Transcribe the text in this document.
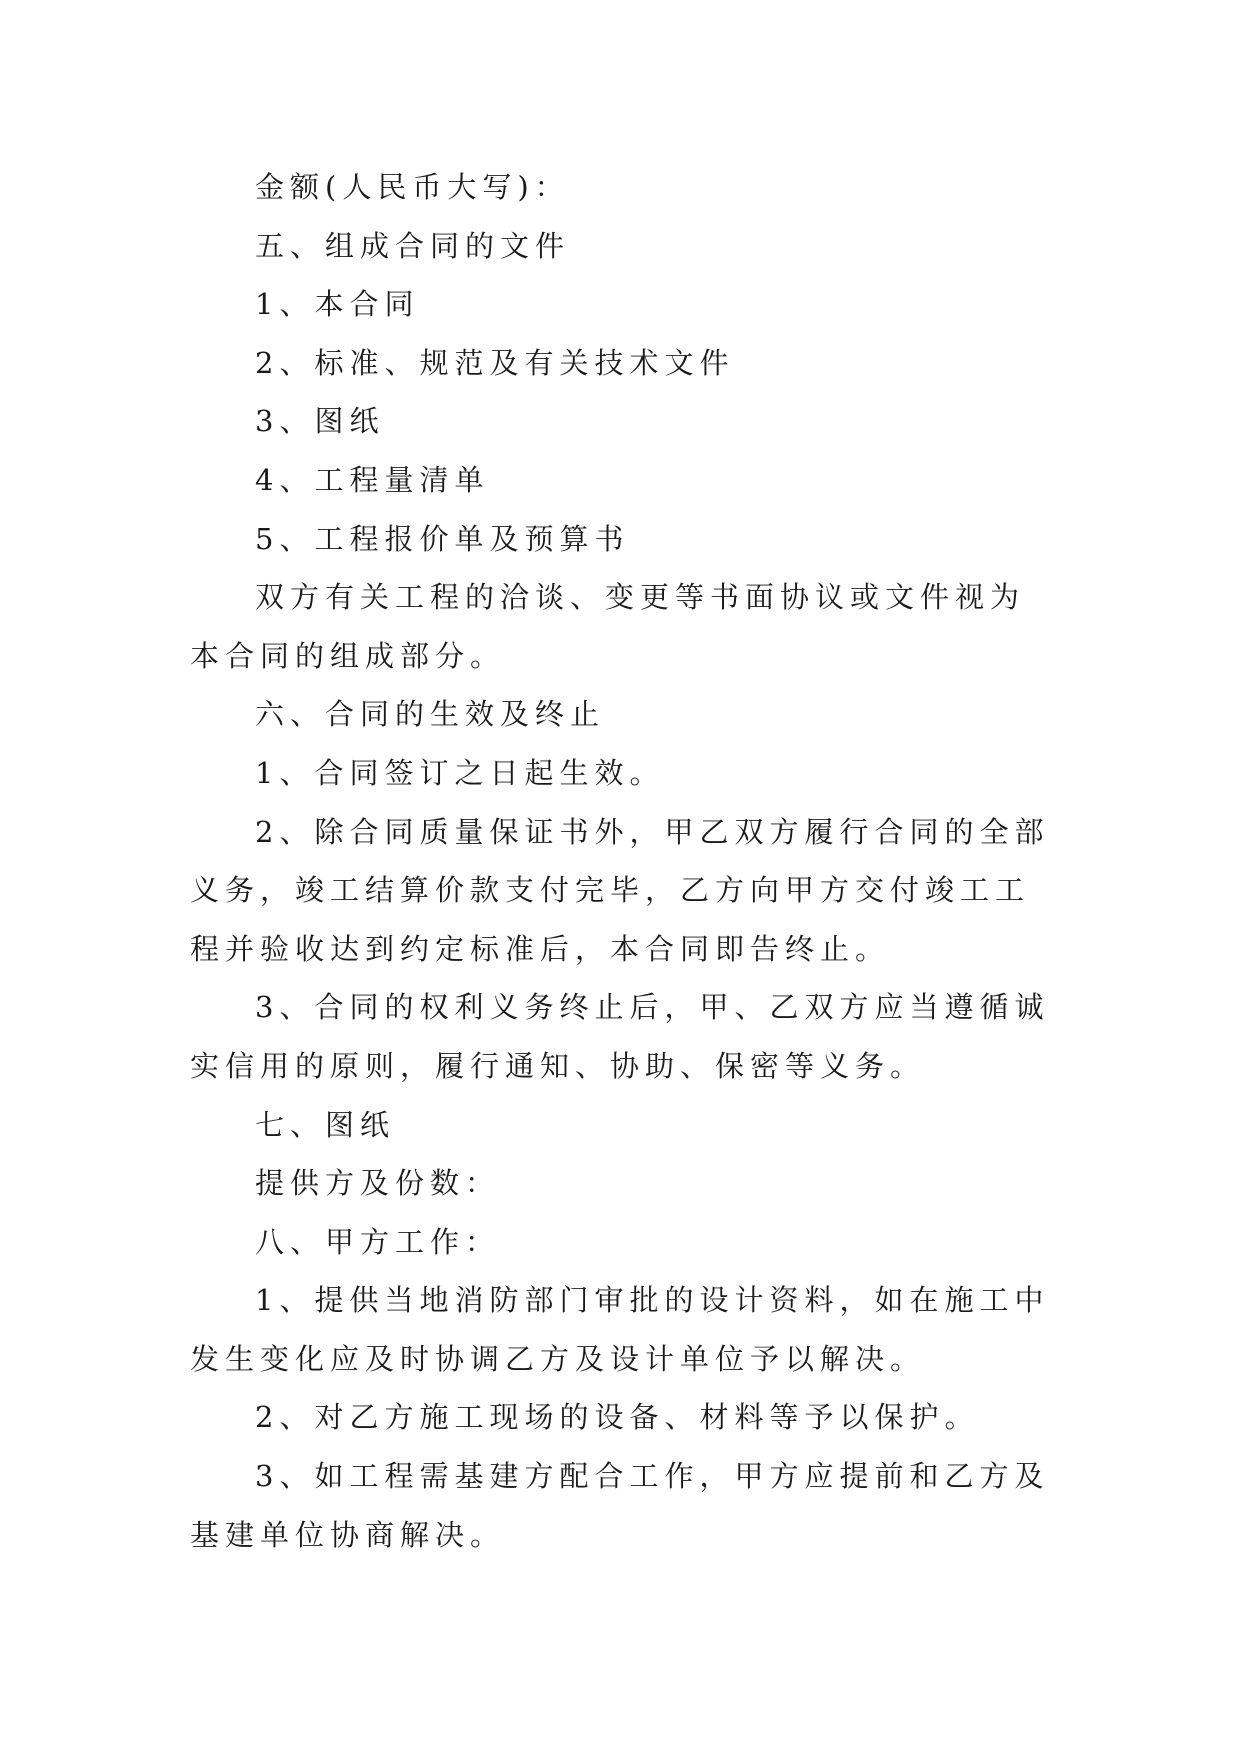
金额(人民币大写)：

五、组成合同的文件

1、本合同

2、标准、规范及有关技术文件

3、图纸

4、工程量清单

5、工程报价单及预算书

双方有关工程的洽谈、变更等书面协议或文件视为本合同的组成部分。

六、合同的生效及终止

1、合同签订之日起生效。

2、除合同质量保证书外，甲乙双方履行合同的全部义务，竣工结算价款支付完毕，乙方向甲方交付竣工工程并验收达到约定标准后，本合同即告终止。

3、合同的权利义务终止后，甲、乙双方应当遵循诚实信用的原则，履行通知、协助、保密等义务。

七、图纸

提供方及份数：

八、甲方工作：

1、提供当地消防部门审批的设计资料，如在施工中发生变化应及时协调乙方及设计单位予以解决。

2、对乙方施工现场的设备、材料等予以保护。

3、如工程需基建方配合工作，甲方应提前和乙方及基建单位协商解决。
